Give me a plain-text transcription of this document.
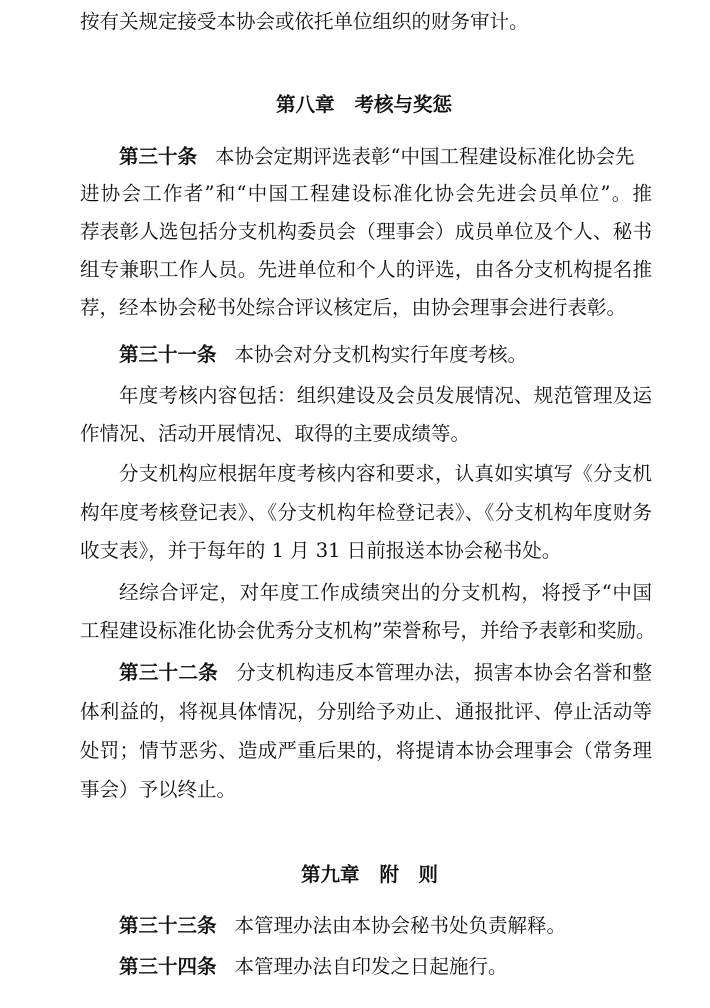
按有关规定接受本协会或依托单位组织的财务审计。
第八章 考核与奖惩
第三十条 本协会定期评选表彰“中国工程建设标准化协会先
进协会工作者”和“中国工程建设标准化协会先进会员单位”。推
荐表彰人选包括分支机构委员会（理事会）成员单位及个人、秘书
组专兼职工作人员。先进单位和个人的评选，由各分支机构提名推
荐，经本协会秘书处综合评议核定后，由协会理事会进行表彰。
第三十一条 本协会对分支机构实行年度考核。
年度考核内容包括：组织建设及会员发展情况、规范管理及运
作情况、活动开展情况、取得的主要成绩等。
分支机构应根据年度考核内容和要求，认真如实填写《分支机
构年度考核登记表》、《分支机构年检登记表》、《分支机构年度财务
收支表》，并于每年的 1 月 31 日前报送本协会秘书处。
经综合评定，对年度工作成绩突出的分支机构，将授予“中国
工程建设标准化协会优秀分支机构”荣誉称号，并给予表彰和奖励。
第三十二条 分支机构违反本管理办法，损害本协会名誉和整
体利益的，将视具体情况，分别给予劝止、通报批评、停止活动等
处罚；情节恶劣、造成严重后果的，将提请本协会理事会（常务理
事会）予以终止。
第九章 附　则
第三十三条 本管理办法由本协会秘书处负责解释。
第三十四条 本管理办法自印发之日起施行。
